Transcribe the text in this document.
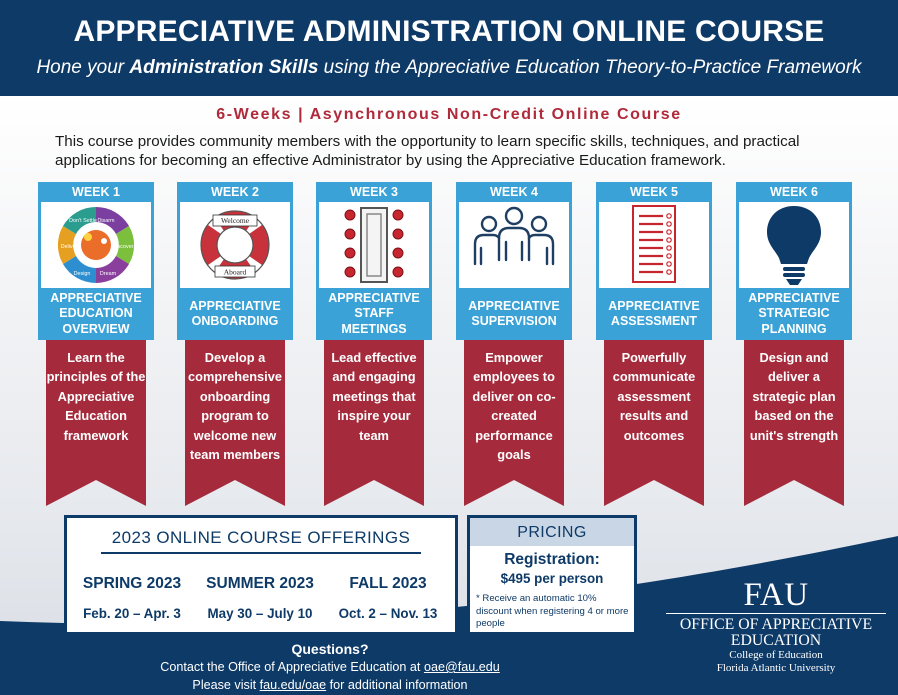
APPRECIATIVE ADMINISTRATION ONLINE COURSE
Hone your Administration Skills using the Appreciative Education Theory-to-Practice Framework
6-Weeks | Asynchronous Non-Credit Online Course
This course provides community members with the opportunity to learn specific skills, techniques, and practical applications for becoming an effective Administrator by using the Appreciative Education framework.
WEEK 1
Disarm
Discover
Dream
Design
Deliver
Don't Settle
APPRECIATIVE EDUCATION OVERVIEW
Learn the principles of the Appreciative Education framework
WEEK 2
Welcome
Aboard
APPRECIATIVE ONBOARDING
Develop a comprehensive onboarding program to welcome new team members
WEEK 3
APPRECIATIVE STAFF MEETINGS
Lead effective and engaging meetings that inspire your team
WEEK 4
APPRECIATIVE SUPERVISION
Empower employees to deliver on co-created performance goals
WEEK 5
APPRECIATIVE ASSESSMENT
Powerfully communicate assessment results and outcomes
WEEK 6
APPRECIATIVE STRATEGIC PLANNING
Design and deliver a strategic plan based on the unit's strength
2023 ONLINE COURSE OFFERINGS
SPRING 2023
Feb. 20 – Apr. 3
SUMMER 2023
May 30 – July 10
FALL 2023
Oct. 2 – Nov. 13
PRICING
Registration:
$495 per person
* Receive an automatic 10% discount when registering 4 or more people
Questions?
Contact the Office of Appreciative Education at oae@fau.edu
Please visit fau.edu/oae for additional information
FAU
OFFICE OF APPRECIATIVE
EDUCATION
College of Education
Florida Atlantic University
